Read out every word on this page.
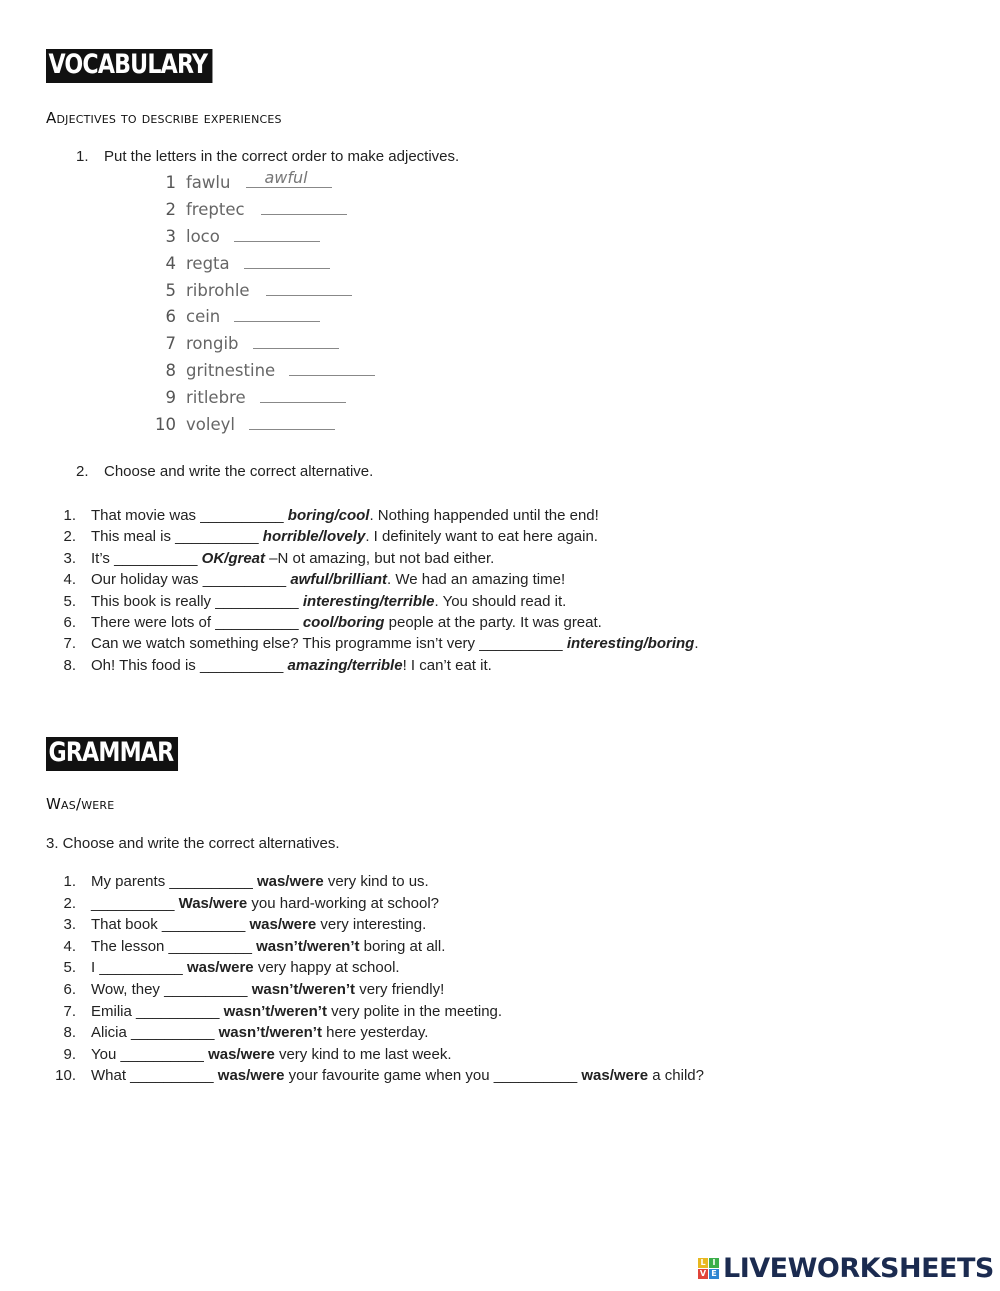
VOCABULARY
Adjectives to describe experiences
1. Put the letters in the correct order to make adjectives.
1 fawlu awful
2 freptec
3 loco
4 regta
5 ribrohle
6 cein
7 rongib
8 gritnestine
9 ritlebre
10 voleyl
2. Choose and write the correct alternative.
1. That movie was __________ boring/cool. Nothing happended until the end!
2. This meal is __________ horrible/lovely. I definitely want to eat here again.
3. It’s __________ OK/great –N ot amazing, but not bad either.
4. Our holiday was __________ awful/brilliant. We had an amazing time!
5. This book is really __________ interesting/terrible. You should read it.
6. There were lots of __________ cool/boring people at the party. It was great.
7. Can we watch something else? This programme isn’t very __________ interesting/boring.
8. Oh! This food is __________ amazing/terrible! I can’t eat it.
GRAMMAR
Was/were
3. Choose and write the correct alternatives.
1. My parents __________ was/were very kind to us.
2. __________ Was/were you hard-working at school?
3. That book __________ was/were very interesting.
4. The lesson __________ wasn’t/weren’t boring at all.
5. I __________ was/were very happy at school.
6. Wow, they __________ wasn’t/weren’t very friendly!
7. Emilia __________ wasn’t/weren’t very polite in the meeting.
8. Alicia __________ wasn’t/weren’t here yesterday.
9. You __________ was/were very kind to me last week.
10. What __________ was/were your favourite game when you __________ was/were a child?
L I
V E LIVEWORKSHEETS
